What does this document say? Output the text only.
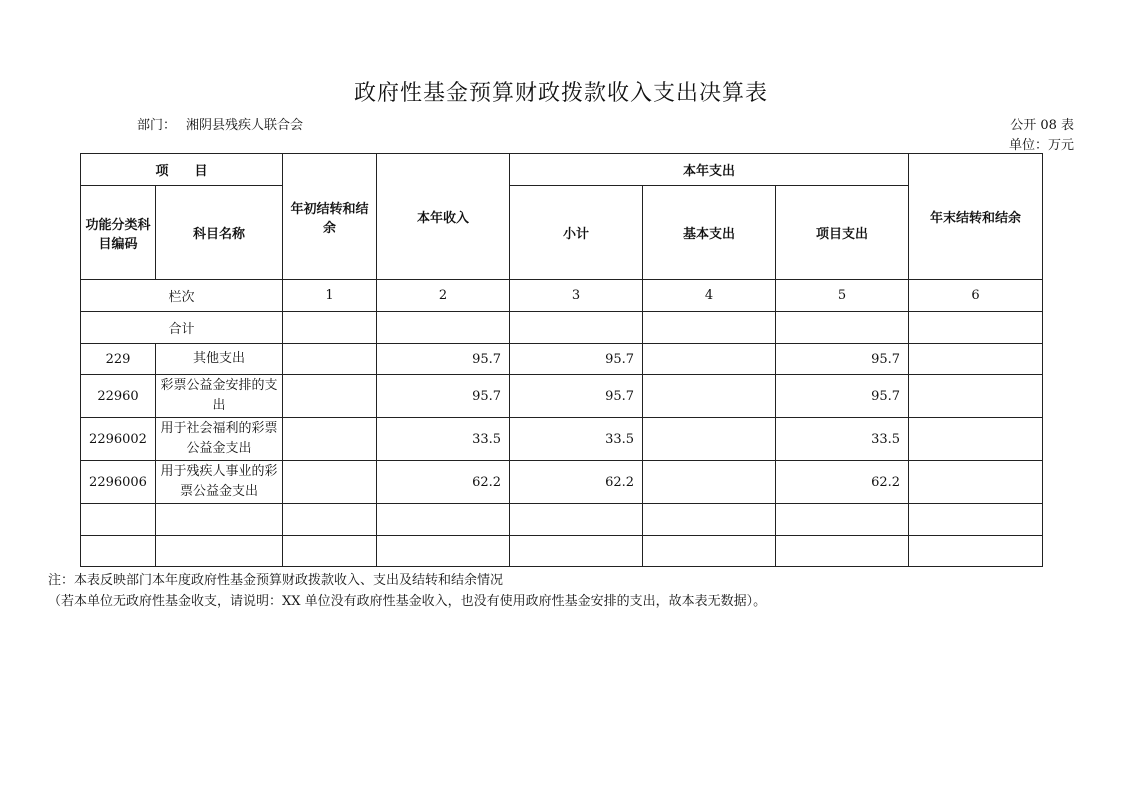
政府性基金预算财政拨款收入支出决算表
部门： 湘阴县残疾人联合会	公开 08 表
单位：万元
项　　目		年初结转和结余	本年收入	本年支出			年末结转和结余
功能分类科目编码	科目名称			小计	基本支出	项目支出	
栏次		1	2	3	4	5	6
合计							
229	其他支出		95.7	95.7		95.7	
22960	彩票公益金安排的支出		95.7	95.7		95.7	
2296002	用于社会福利的彩票公益金支出		33.5	33.5		33.5	
2296006	用于残疾人事业的彩票公益金支出		62.2	62.2		62.2	

注：本表反映部门本年度政府性基金预算财政拨款收入、支出及结转和结余情况
（若本单位无政府性基金收支，请说明：XX 单位没有政府性基金收入，也没有使用政府性基金安排的支出，故本表无数据）。
